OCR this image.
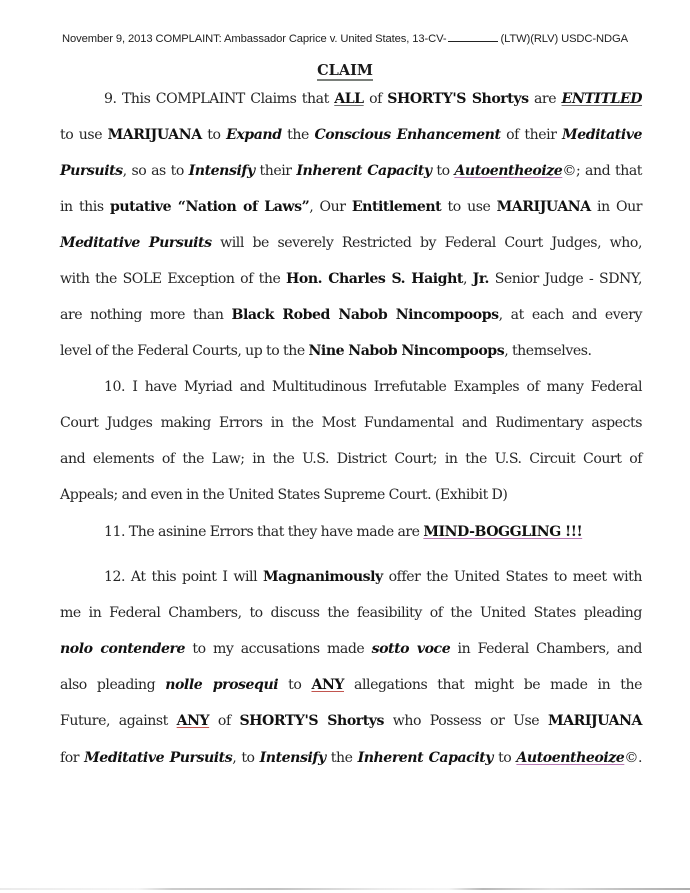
November 9, 2013 COMPLAINT: Ambassador Caprice v. United States, 13-CV-	(LTW)(RLV) USDC-NDGA
CLAIM
9. This COMPLAINT Claims that ALL of SHORTY'S Shortys are ENTITLED
to use MARIJUANA to Expand the Conscious Enhancement of their Meditative
Pursuits, so as to Intensify their Inherent Capacity to Autoentheoize©; and that
in this putative “Nation of Laws”, Our Entitlement to use MARIJUANA in Our
Meditative Pursuits will be severely Restricted by Federal Court Judges, who,
with the SOLE Exception of the Hon. Charles S. Haight, Jr. Senior Judge - SDNY,
are nothing more than Black Robed Nabob Nincompoops, at each and every
level of the Federal Courts, up to the Nine Nabob Nincompoops, themselves.
10. I have Myriad and Multitudinous Irrefutable Examples of many Federal
Court Judges making Errors in the Most Fundamental and Rudimentary aspects
and elements of the Law; in the U.S. District Court; in the U.S. Circuit Court of
Appeals; and even in the United States Supreme Court. (Exhibit D)
11. The asinine Errors that they have made are MIND-BOGGLING !!!
12. At this point I will Magnanimously offer the United States to meet with
me in Federal Chambers, to discuss the feasibility of the United States pleading
nolo contendere to my accusations made sotto voce in Federal Chambers, and
also pleading nolle prosequi to ANY allegations that might be made in the
Future, against ANY of SHORTY'S Shortys who Possess or Use MARIJUANA
for Meditative Pursuits, to Intensify the Inherent Capacity to Autoentheoize©.
